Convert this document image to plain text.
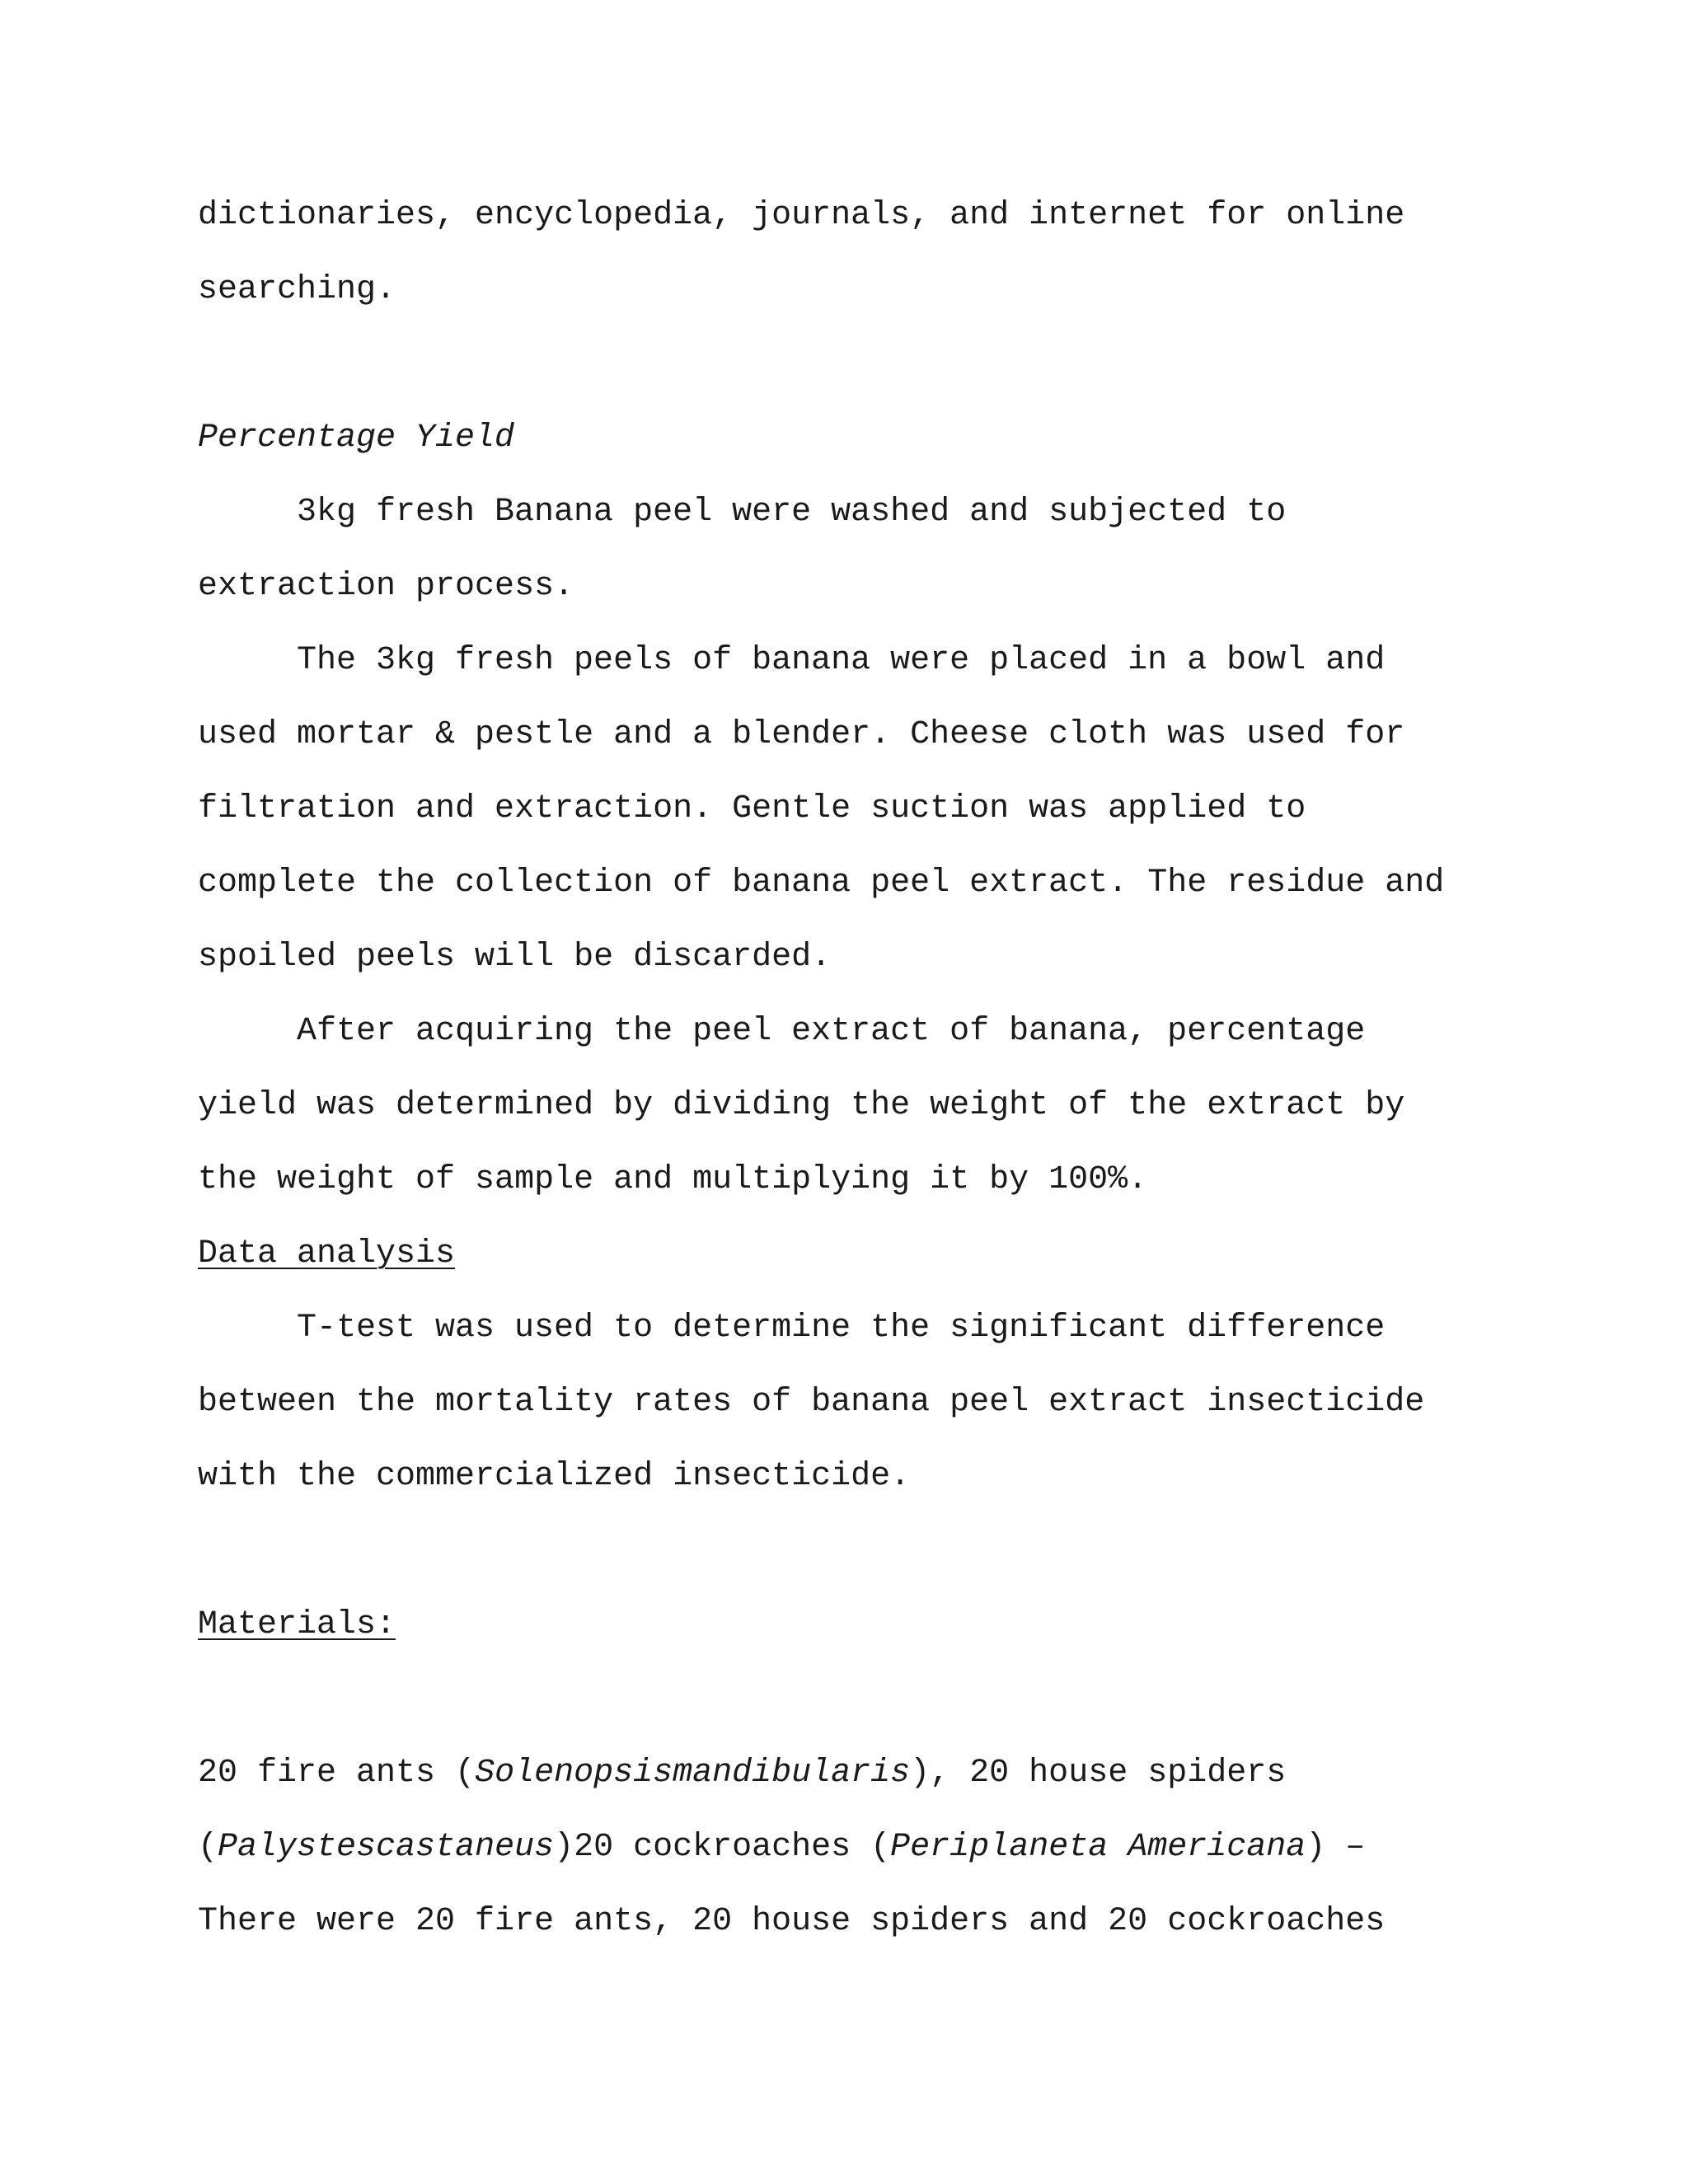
dictionaries, encyclopedia, journals, and internet for online

searching.

Percentage Yield

3kg fresh Banana peel were washed and subjected to

extraction process.

The 3kg fresh peels of banana were placed in a bowl and

used mortar & pestle and a blender. Cheese cloth was used for

filtration and extraction. Gentle suction was applied to

complete the collection of banana peel extract. The residue and

spoiled peels will be discarded.

After acquiring the peel extract of banana, percentage

yield was determined by dividing the weight of the extract by

the weight of sample and multiplying it by 100%.

Data analysis

T-test was used to determine the significant difference

between the mortality rates of banana peel extract insecticide

with the commercialized insecticide.

Materials:

20 fire ants (Solenopsismandibularis), 20 house spiders

(Palystescastaneus)20 cockroaches (Periplaneta Americana) –

There were 20 fire ants, 20 house spiders and 20 cockroaches
